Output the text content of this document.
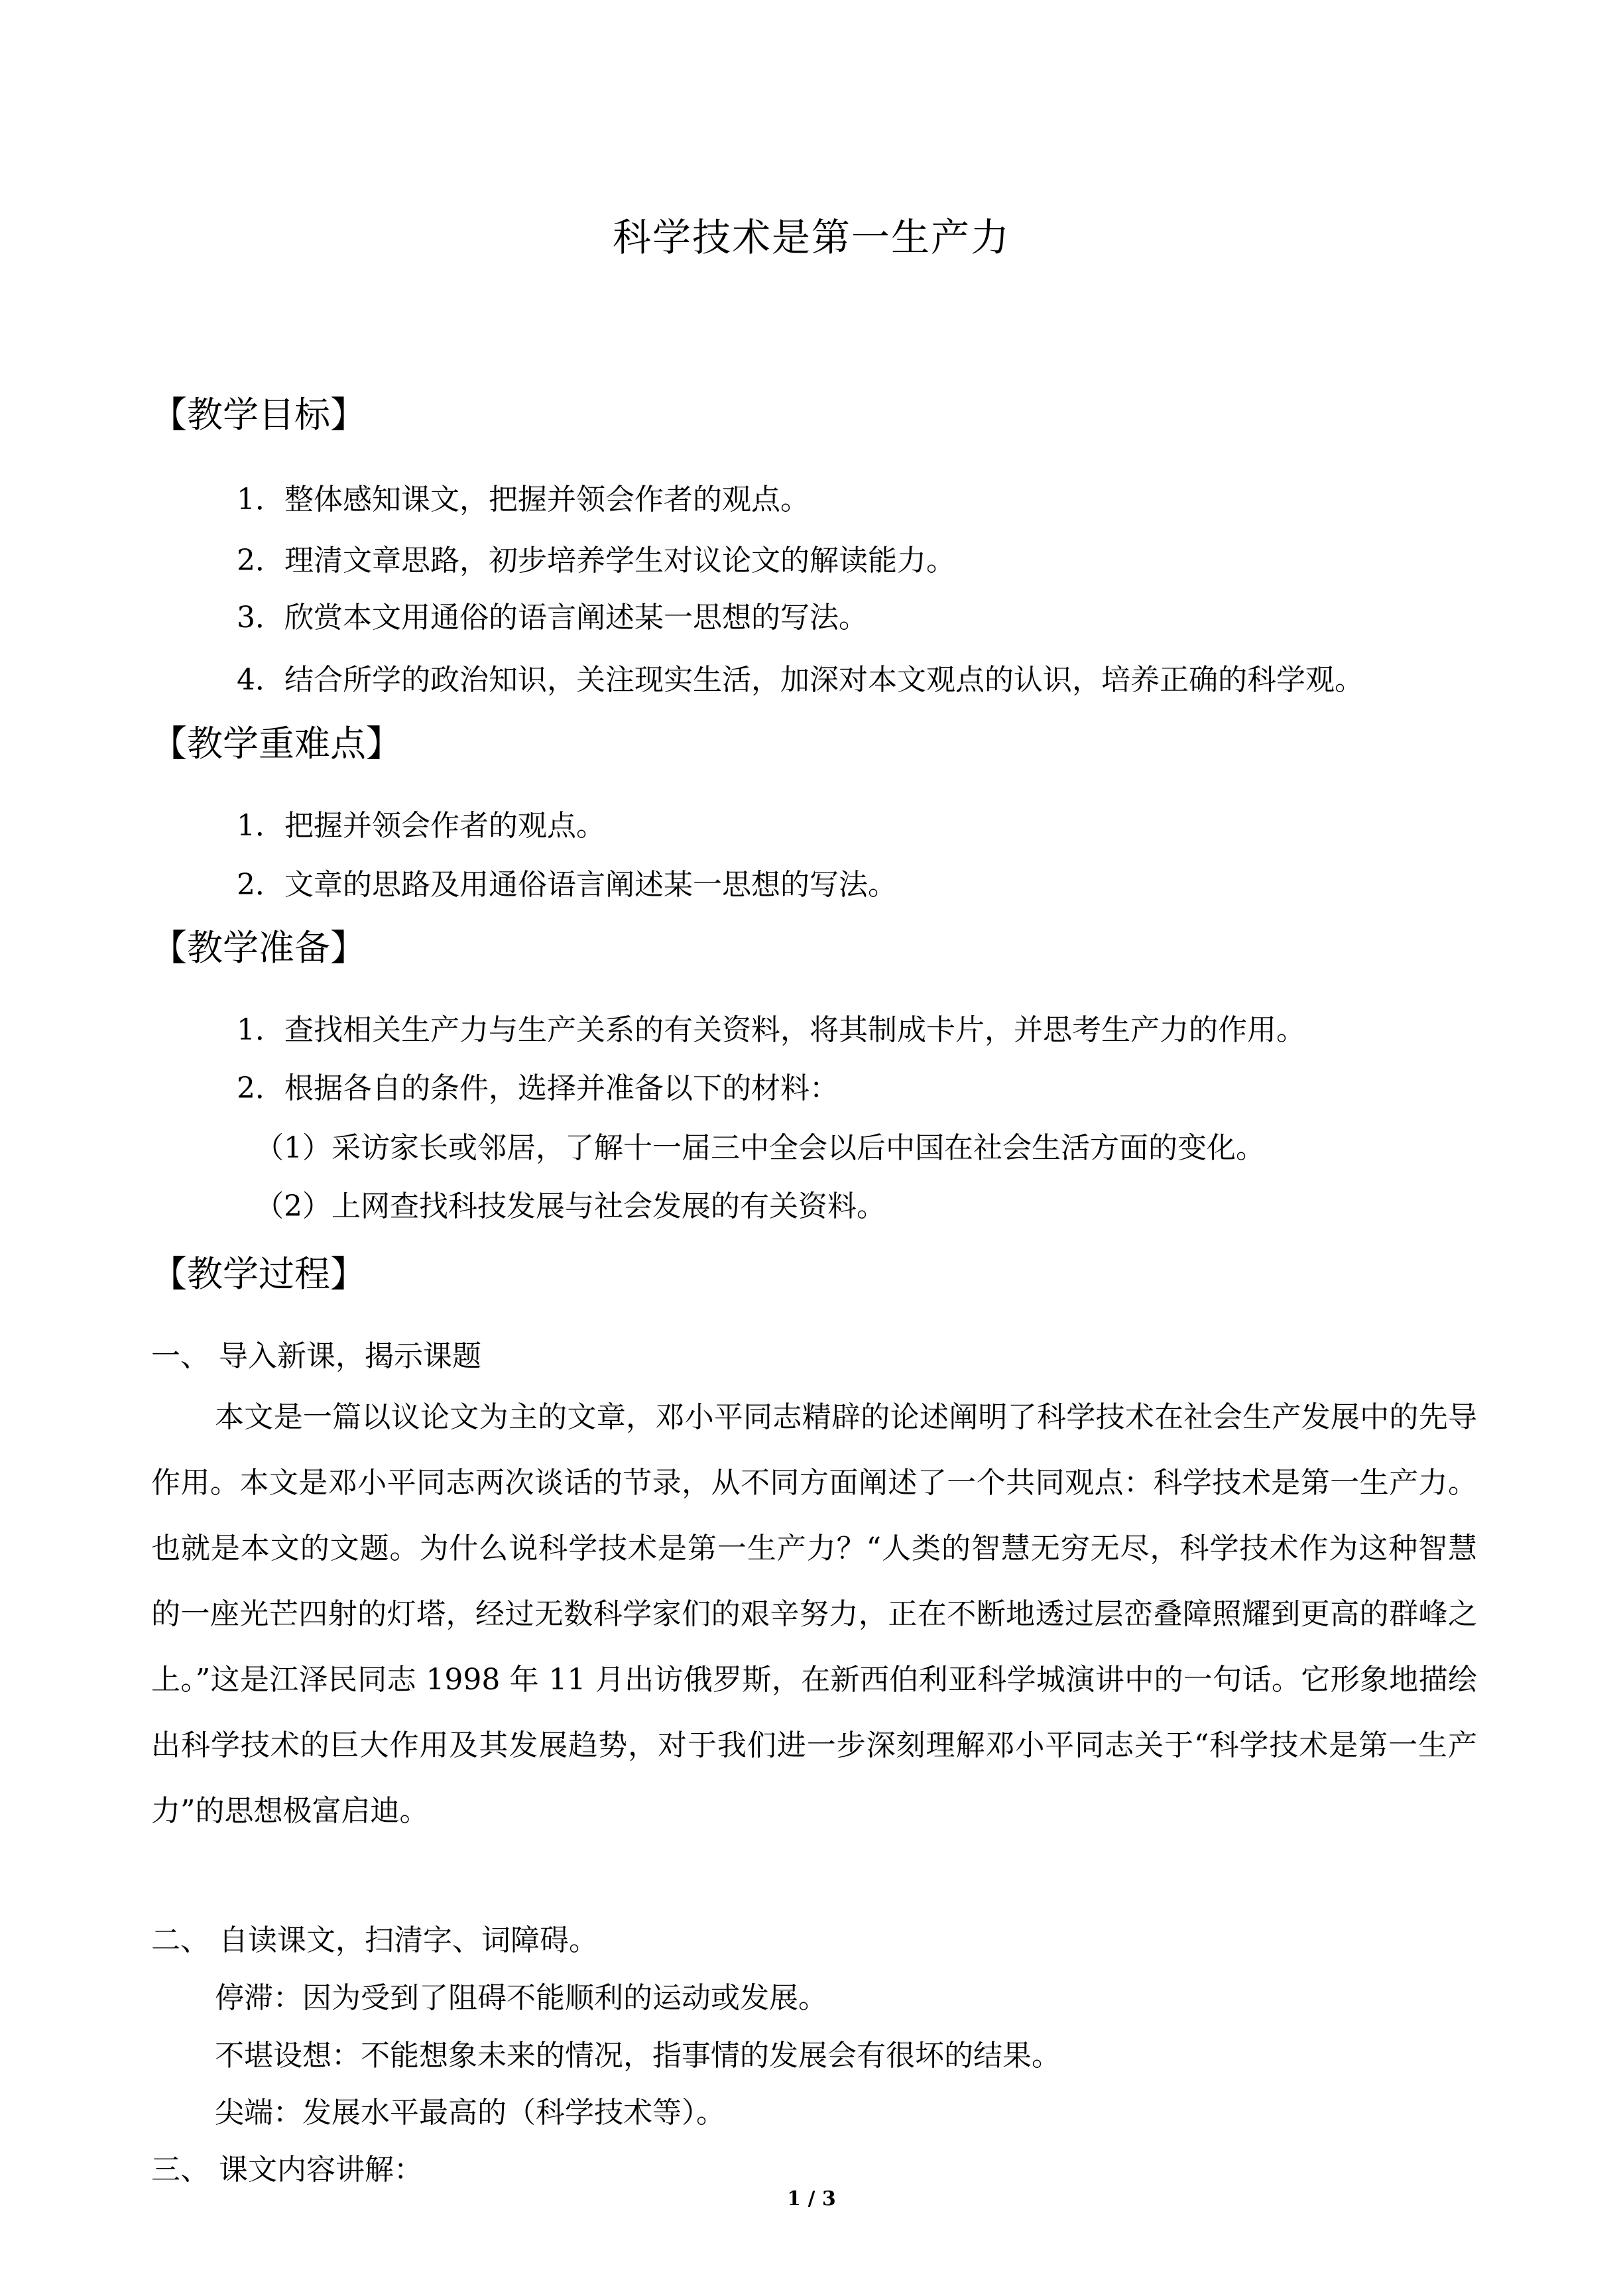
科学技术是第一生产力
【教学目标】
1．整体感知课文，把握并领会作者的观点。
2．理清文章思路，初步培养学生对议论文的解读能力。
3．欣赏本文用通俗的语言阐述某一思想的写法。
4．结合所学的政治知识，关注现实生活，加深对本文观点的认识，培养正确的科学观。
【教学重难点】
1．把握并领会作者的观点。
2．文章的思路及用通俗语言阐述某一思想的写法。
【教学准备】
1．查找相关生产力与生产关系的有关资料，将其制成卡片，并思考生产力的作用。
2．根据各自的条件，选择并准备以下的材料：
（1）采访家长或邻居，了解十一届三中全会以后中国在社会生活方面的变化。
（2）上网查找科技发展与社会发展的有关资料。
【教学过程】
一、 导入新课，揭示课题
本文是一篇以议论文为主的文章，邓小平同志精辟的论述阐明了科学技术在社会生产发展中的先导作用。本文是邓小平同志两次谈话的节录，从不同方面阐述了一个共同观点：科学技术是第一生产力。也就是本文的文题。为什么说科学技术是第一生产力？“人类的智慧无穷无尽，科学技术作为这种智慧的一座光芒四射的灯塔，经过无数科学家们的艰辛努力，正在不断地透过层峦叠障照耀到更高的群峰之上。”这是江泽民同志 1998 年 11 月出访俄罗斯，在新西伯利亚科学城演讲中的一句话。它形象地描绘出科学技术的巨大作用及其发展趋势，对于我们进一步深刻理解邓小平同志关于“科学技术是第一生产力”的思想极富启迪。
二、 自读课文，扫清字、词障碍。
停滞：因为受到了阻碍不能顺利的运动或发展。
不堪设想：不能想象未来的情况，指事情的发展会有很坏的结果。
尖端：发展水平最高的（科学技术等）。
三、 课文内容讲解：
1 / 3
